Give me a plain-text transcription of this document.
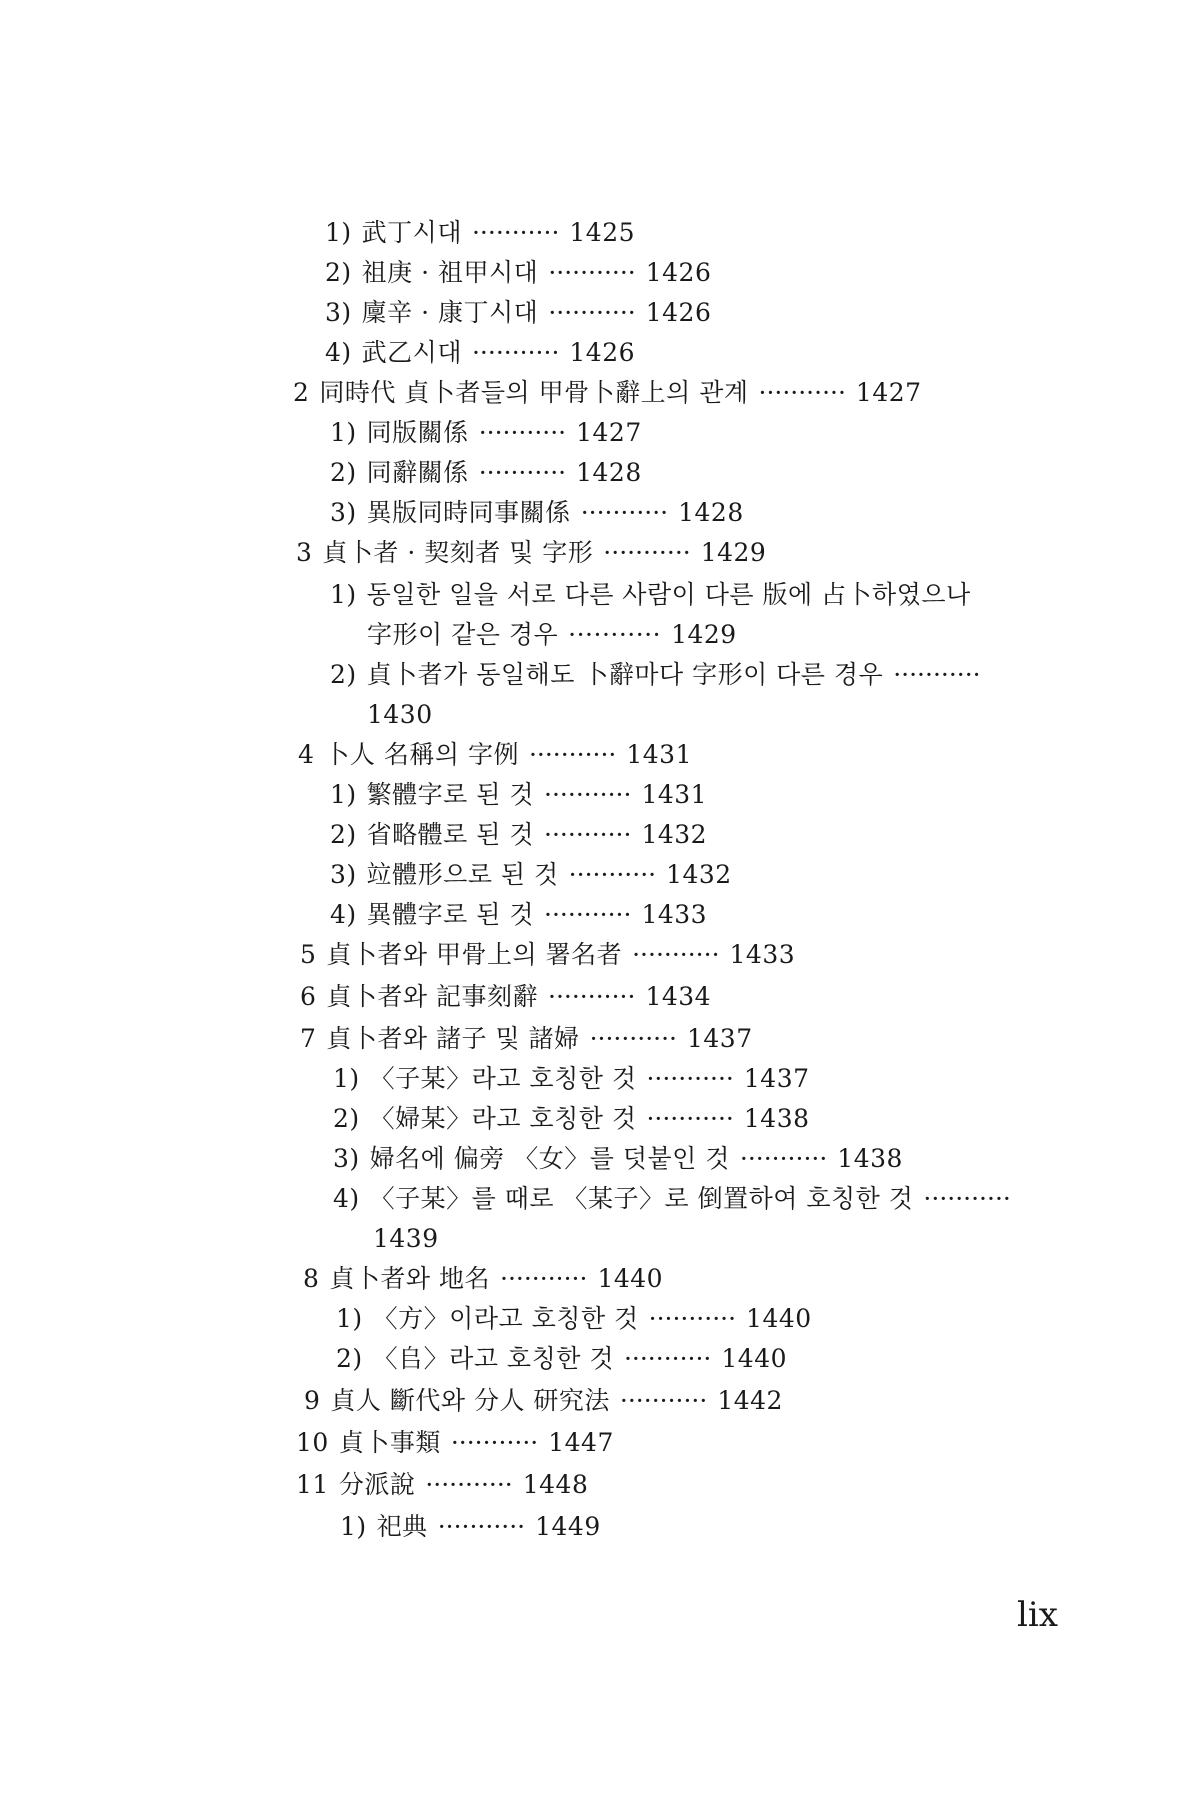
1) 武丁시대 ··········· 1425
2) 祖庚 · 祖甲시대 ··········· 1426
3) 廩辛 · 康丁시대 ··········· 1426
4) 武乙시대 ··········· 1426
2 同時代 貞卜者들의 甲骨卜辭上의 관계 ··········· 1427
1) 同版關係 ··········· 1427
2) 同辭關係 ··········· 1428
3) 異版同時同事關係 ··········· 1428
3 貞卜者 · 契刻者 및 字形 ··········· 1429
1) 동일한 일을 서로 다른 사람이 다른 版에 占卜하였으나
字形이 같은 경우 ··········· 1429
2) 貞卜者가 동일해도 卜辭마다 字形이 다른 경우 ···········
1430
4 卜人 名稱의 字例 ··········· 1431
1) 繁體字로 된 것 ··········· 1431
2) 省略體로 된 것 ··········· 1432
3) 竝體形으로 된 것 ··········· 1432
4) 異體字로 된 것 ··········· 1433
5 貞卜者와 甲骨上의 署名者 ··········· 1433
6 貞卜者와 記事刻辭 ··········· 1434
7 貞卜者와 諸子 및 諸婦 ··········· 1437
1) 〈子某〉라고 호칭한 것 ··········· 1437
2) 〈婦某〉라고 호칭한 것 ··········· 1438
3) 婦名에 偏旁 〈女〉를 덧붙인 것 ··········· 1438
4) 〈子某〉를 때로 〈某子〉로 倒置하여 호칭한 것 ···········
1439
8 貞卜者와 地名 ··········· 1440
1) 〈方〉이라고 호칭한 것 ··········· 1440
2) 〈𠂤〉라고 호칭한 것 ··········· 1440
9 貞人 斷代와 分人 研究法 ··········· 1442
10 貞卜事類 ··········· 1447
11 分派說 ··········· 1448
1) 祀典 ··········· 1449
lix
